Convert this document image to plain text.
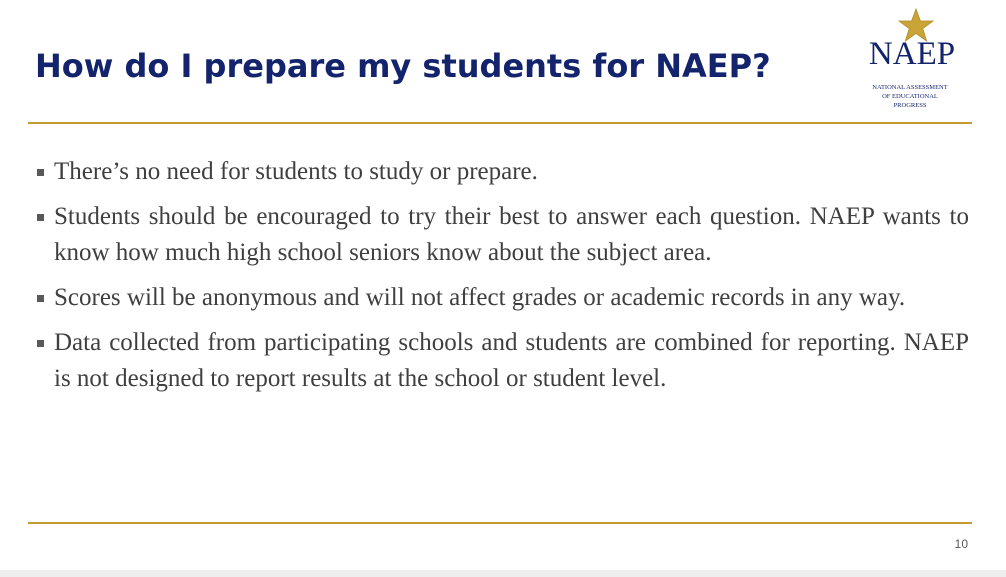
How do I prepare my students for NAEP?	NAEP
NATIONAL ASSESSMENT
OF EDUCATIONAL
PROGRESS
There’s no need for students to study or prepare.
Students should be encouraged to try their best to answer each question. NAEP wants to know how much high school seniors know about the subject area.
Scores will be anonymous and will not affect grades or academic records in any way.
Data collected from participating schools and students are combined for reporting. NAEP is not designed to report results at the school or student level.
10
